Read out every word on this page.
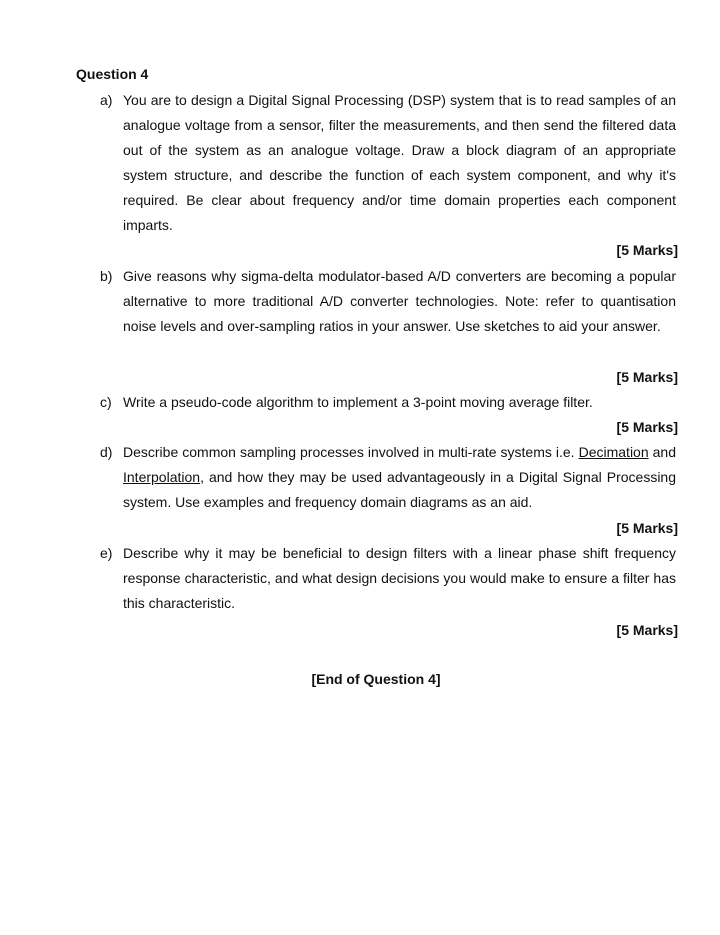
Question 4
a) You are to design a Digital Signal Processing (DSP) system that is to read samples of an analogue voltage from a sensor, filter the measurements, and then send the filtered data out of the system as an analogue voltage. Draw a block diagram of an appropriate system structure, and describe the function of each system component, and why it's required. Be clear about frequency and/or time domain properties each component imparts.
[5 Marks]
b) Give reasons why sigma-delta modulator-based A/D converters are becoming a popular alternative to more traditional A/D converter technologies. Note: refer to quantisation noise levels and over-sampling ratios in your answer. Use sketches to aid your answer.
[5 Marks]
c) Write a pseudo-code algorithm to implement a 3-point moving average filter.
[5 Marks]
d) Describe common sampling processes involved in multi-rate systems i.e. Decimation and Interpolation, and how they may be used advantageously in a Digital Signal Processing system. Use examples and frequency domain diagrams as an aid.
[5 Marks]
e) Describe why it may be beneficial to design filters with a linear phase shift frequency response characteristic, and what design decisions you would make to ensure a filter has this characteristic.
[5 Marks]
[End of Question 4]
